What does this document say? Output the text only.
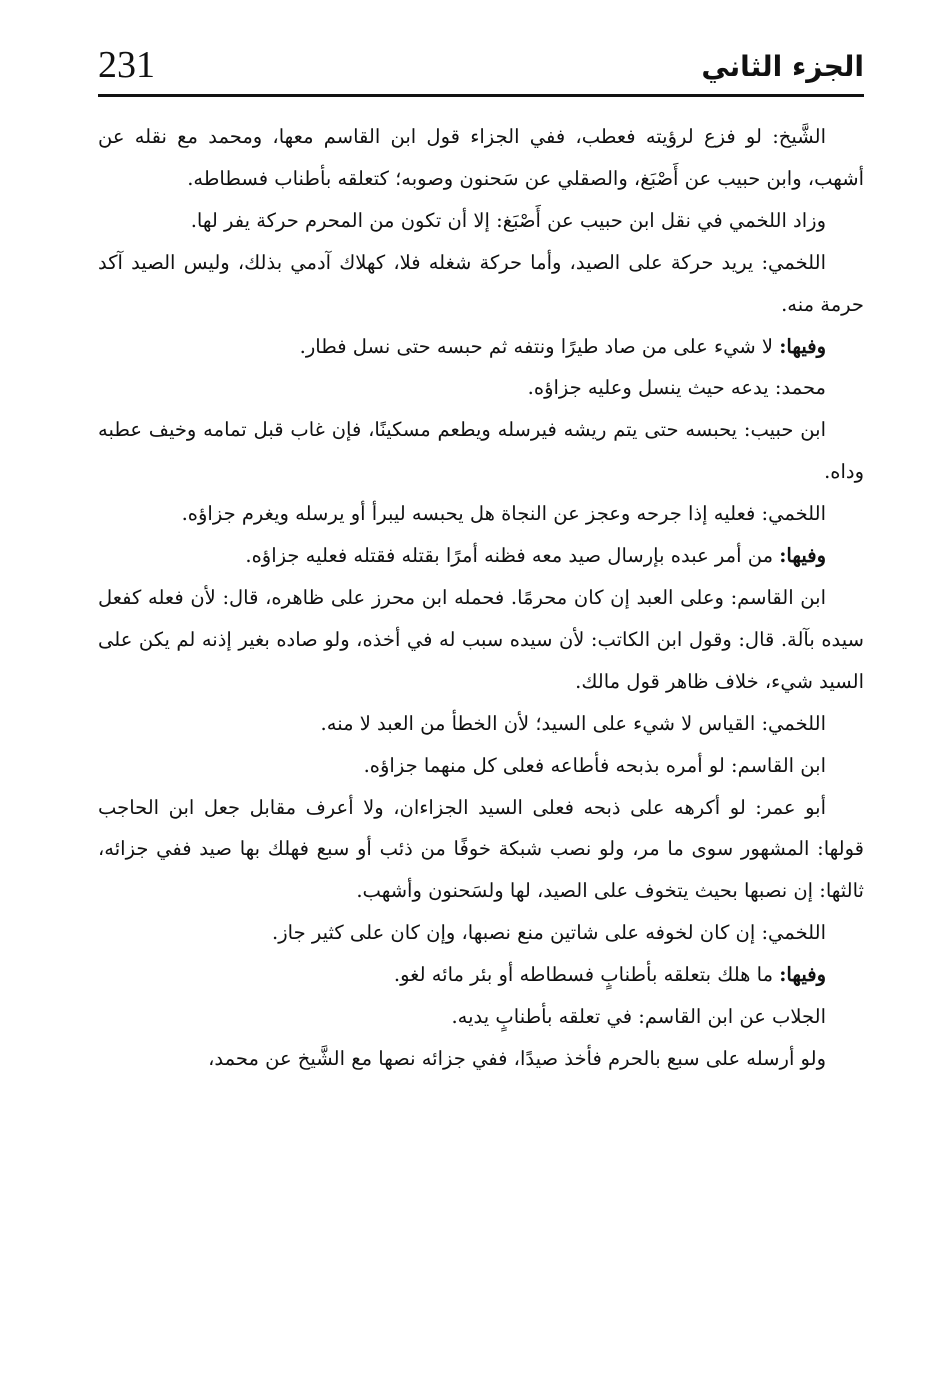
231	الجزء الثاني

الشَّيخ: لو فزع لرؤيته فعطب، ففي الجزاء قول ابن القاسم معها، ومحمد مع نقله عن أشهب، وابن حبيب عن أَصْبَغ، والصقلي عن سَحنون وصوبه؛ كتعلقه بأطناب فسطاطه.

وزاد اللخمي في نقل ابن حبيب عن أَصْبَغ: إلا أن تكون من المحرم حركة يفر لها.

اللخمي: يريد حركة على الصيد، وأما حركة شغله فلا، كهلاك آدمي بذلك، وليس الصيد آكد حرمة منه.

وفيها: لا شيء على من صاد طيرًا ونتفه ثم حبسه حتى نسل فطار.

محمد: يدعه حيث ينسل وعليه جزاؤه.

ابن حبيب: يحبسه حتى يتم ريشه فيرسله ويطعم مسكينًا، فإن غاب قبل تمامه وخيف عطبه وداه.

اللخمي: فعليه إذا جرحه وعجز عن النجاة هل يحبسه ليبرأ أو يرسله ويغرم جزاؤه.

وفيها: من أمر عبده بإرسال صيد معه فظنه أمرًا بقتله فقتله فعليه جزاؤه.

ابن القاسم: وعلى العبد إن كان محرمًا. فحمله ابن محرز على ظاهره، قال: لأن فعله كفعل سيده بآلة. قال: وقول ابن الكاتب: لأن سيده سبب له في أخذه، ولو صاده بغير إذنه لم يكن على السيد شيء، خلاف ظاهر قول مالك.

اللخمي: القياس لا شيء على السيد؛ لأن الخطأ من العبد لا منه.

ابن القاسم: لو أمره بذبحه فأطاعه فعلى كل منهما جزاؤه.

أبو عمر: لو أكرهه على ذبحه فعلى السيد الجزاءان، ولا أعرف مقابل جعل ابن الحاجب قولها: المشهور سوى ما مر، ولو نصب شبكة خوفًا من ذئب أو سبع فهلك بها صيد ففي جزائه، ثالثها: إن نصبها بحيث يتخوف على الصيد، لها ولسَحنون وأشهب.

اللخمي: إن كان لخوفه على شاتين منع نصبها، وإن كان على كثير جاز.

وفيها: ما هلك بتعلقه بأطنابٍ فسطاطه أو بئر مائه لغو.

الجلاب عن ابن القاسم: في تعلقه بأطنابٍ يديه.

ولو أرسله على سبع بالحرم فأخذ صيدًا، ففي جزائه نصها مع الشَّيخ عن محمد،
